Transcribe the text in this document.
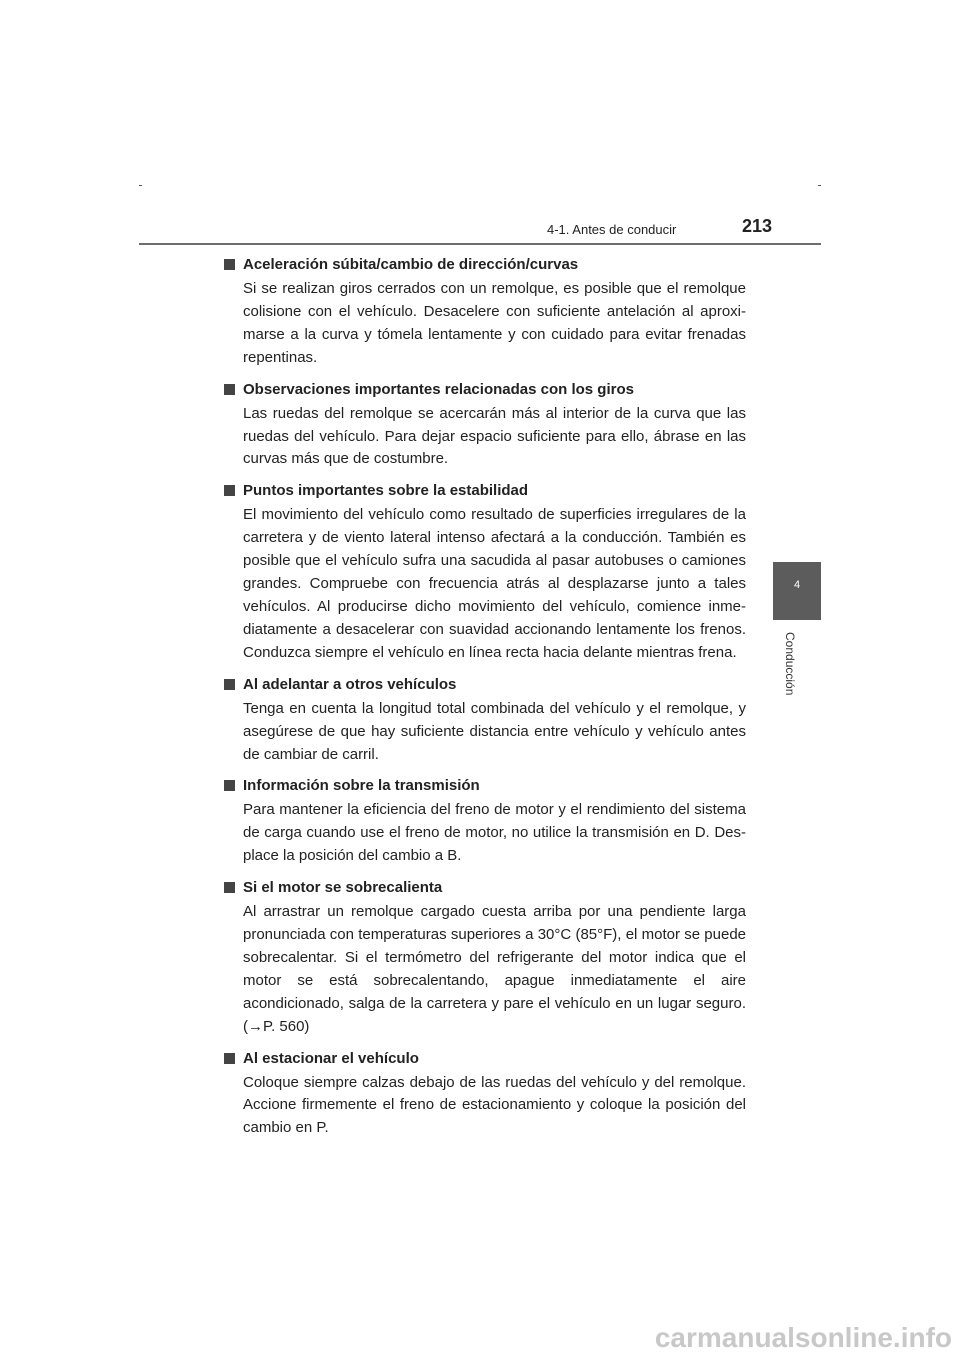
4-1. Antes de conducir	213
4
Conducción
Aceleración súbita/cambio de dirección/curvas
Si se realizan giros cerrados con un remolque, es posible que el remolque colisione con el vehículo. Desacelere con suficiente antelación al aproxi-marse a la curva y tómela lentamente y con cuidado para evitar frenadas repentinas.
Observaciones importantes relacionadas con los giros
Las ruedas del remolque se acercarán más al interior de la curva que las ruedas del vehículo. Para dejar espacio suficiente para ello, ábrase en las curvas más que de costumbre.
Puntos importantes sobre la estabilidad
El movimiento del vehículo como resultado de superficies irregulares de la carretera y de viento lateral intenso afectará a la conducción. También es posible que el vehículo sufra una sacudida al pasar autobuses o camiones grandes. Compruebe con frecuencia atrás al desplazarse junto a tales vehículos. Al producirse dicho movimiento del vehículo, comience inme-diatamente a desacelerar con suavidad accionando lentamente los frenos. Conduzca siempre el vehículo en línea recta hacia delante mientras frena.
Al adelantar a otros vehículos
Tenga en cuenta la longitud total combinada del vehículo y el remolque, y asegúrese de que hay suficiente distancia entre vehículo y vehículo antes de cambiar de carril.
Información sobre la transmisión
Para mantener la eficiencia del freno de motor y el rendimiento del sistema de carga cuando use el freno de motor, no utilice la transmisión en D. Des-place la posición del cambio a B.
Si el motor se sobrecalienta
Al arrastrar un remolque cargado cuesta arriba por una pendiente larga pronunciada con temperaturas superiores a 30°C (85°F), el motor se puede sobrecalentar. Si el termómetro del refrigerante del motor indica que el motor se está sobrecalentando, apague inmediatamente el aire acondicionado, salga de la carretera y pare el vehículo en un lugar seguro. (→P. 560)
Al estacionar el vehículo
Coloque siempre calzas debajo de las ruedas del vehículo y del remolque. Accione firmemente el freno de estacionamiento y coloque la posición del cambio en P.
carmanualsonline.info
